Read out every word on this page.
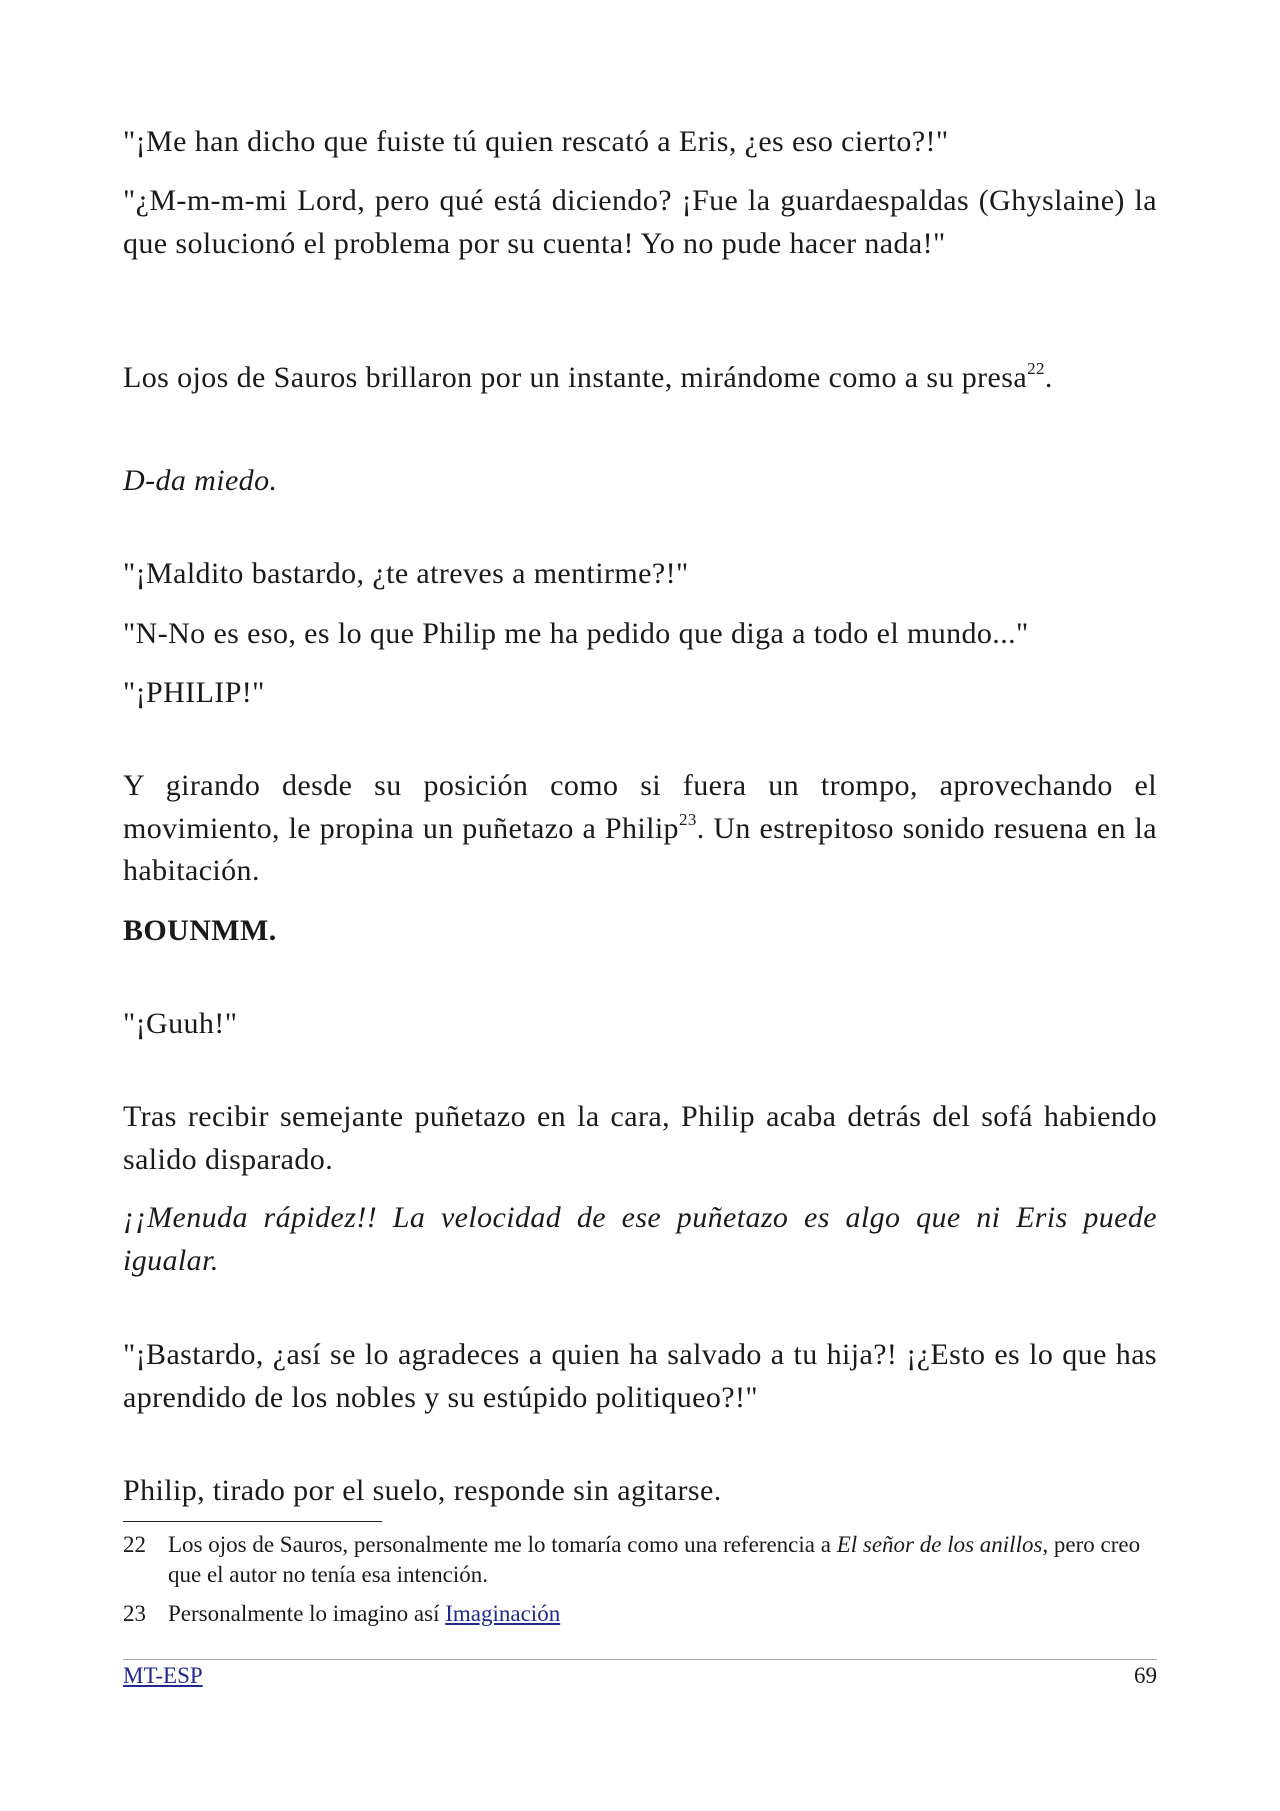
"¡Me han dicho que fuiste tú quien rescató a Eris, ¿es eso cierto?!"

"¿M-m-m-mi Lord, pero qué está diciendo? ¡Fue la guardaespaldas (Ghyslaine) la que solucionó el problema por su cuenta! Yo no pude hacer nada!"

Los ojos de Sauros brillaron por un instante, mirándome como a su presa$^{22}$.

D-da miedo.

"¡Maldito bastardo, ¿te atreves a mentirme?!"

"N-No es eso, es lo que Philip me ha pedido que diga a todo el mundo..."

"¡PHILIP!"

Y girando desde su posición como si fuera un trompo, aprovechando el movimiento, le propina un puñetazo a Philip$^{23}$. Un estrepitoso sonido resuena en la habitación.

BOUNMM.

"¡Guuh!"

Tras recibir semejante puñetazo en la cara, Philip acaba detrás del sofá habiendo salido disparado.

¡¡Menuda rápidez!! La velocidad de ese puñetazo es algo que ni Eris puede igualar.

"¡Bastardo, ¿así se lo agradeces a quien ha salvado a tu hija?! ¡¿Esto es lo que has aprendido de los nobles y su estúpido politiqueo?!"

Philip, tirado por el suelo, responde sin agitarse.

22 Los ojos de Sauros, personalmente me lo tomaría como una referencia a El señor de los anillos, pero creo que el autor no tenía esa intención.
23 Personalmente lo imagino así Imaginación
MT-ESP	69
